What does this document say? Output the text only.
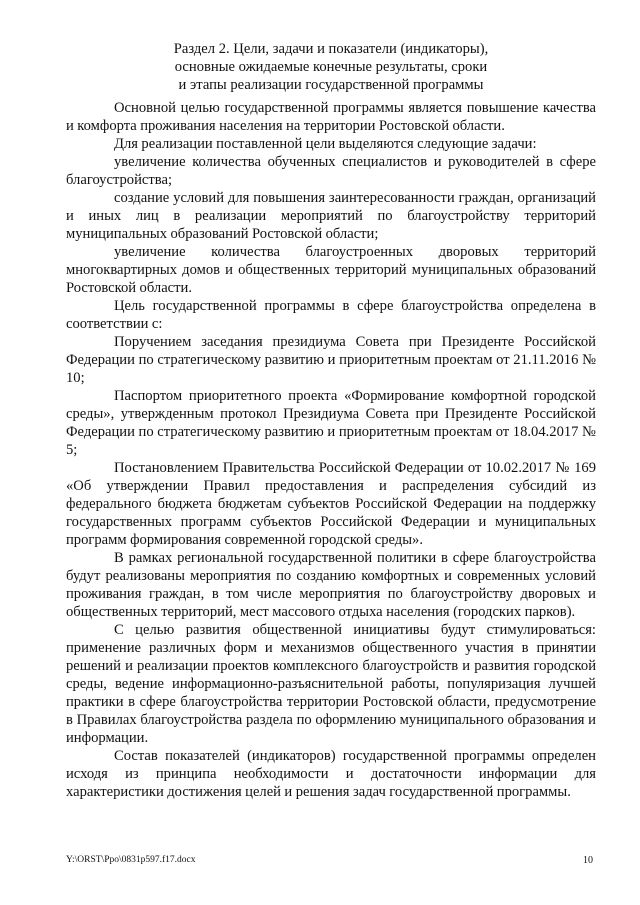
Раздел 2. Цели, задачи и показатели (индикаторы),
основные ожидаемые конечные результаты, сроки
и этапы реализации государственной программы

Основной целью государственной программы является повышение качества и комфорта проживания населения на территории Ростовской области.

Для реализации поставленной цели выделяются следующие задачи:

увеличение количества обученных специалистов и руководителей в сфере благоустройства;

создание условий для повышения заинтересованности граждан, организаций и иных лиц в реализации мероприятий по благоустройству территорий муниципальных образований Ростовской области;

увеличение количества благоустроенных дворовых территорий многоквартирных домов и общественных территорий муниципальных образований Ростовской области.

Цель государственной программы в сфере благоустройства определена в соответствии с:

Поручением заседания президиума Совета при Президенте Российской Федерации по стратегическому развитию и приоритетным проектам от 21.11.2016 № 10;

Паспортом приоритетного проекта «Формирование комфортной городской среды», утвержденным протокол Президиума Совета при Президенте Российской Федерации по стратегическому развитию и приоритетным проектам от 18.04.2017 № 5;

Постановлением Правительства Российской Федерации от 10.02.2017 № 169 «Об утверждении Правил предоставления и распределения субсидий из федерального бюджета бюджетам субъектов Российской Федерации на поддержку государственных программ субъектов Российской Федерации и муниципальных программ формирования современной городской среды».

В рамках региональной государственной политики в сфере благоустройства будут реализованы мероприятия по созданию комфортных и современных условий проживания граждан, в том числе мероприятия по благоустройству дворовых и общественных территорий, мест массового отдыха населения (городских парков).

С целью развития общественной инициативы будут стимулироваться: применение различных форм и механизмов общественного участия в принятии решений и реализации проектов комплексного благоустройств и развития городской среды, ведение информационно-разъяснительной работы, популяризация лучшей практики в сфере благоустройства территории Ростовской области, предусмотрение в Правилах благоустройства раздела по оформлению муниципального образования и информации.

Состав показателей (индикаторов) государственной программы определен исходя из принципа необходимости и достаточности информации для характеристики достижения целей и решения задач государственной программы.

Y:\ORST\Ppo\0831p597.f17.docx	10
